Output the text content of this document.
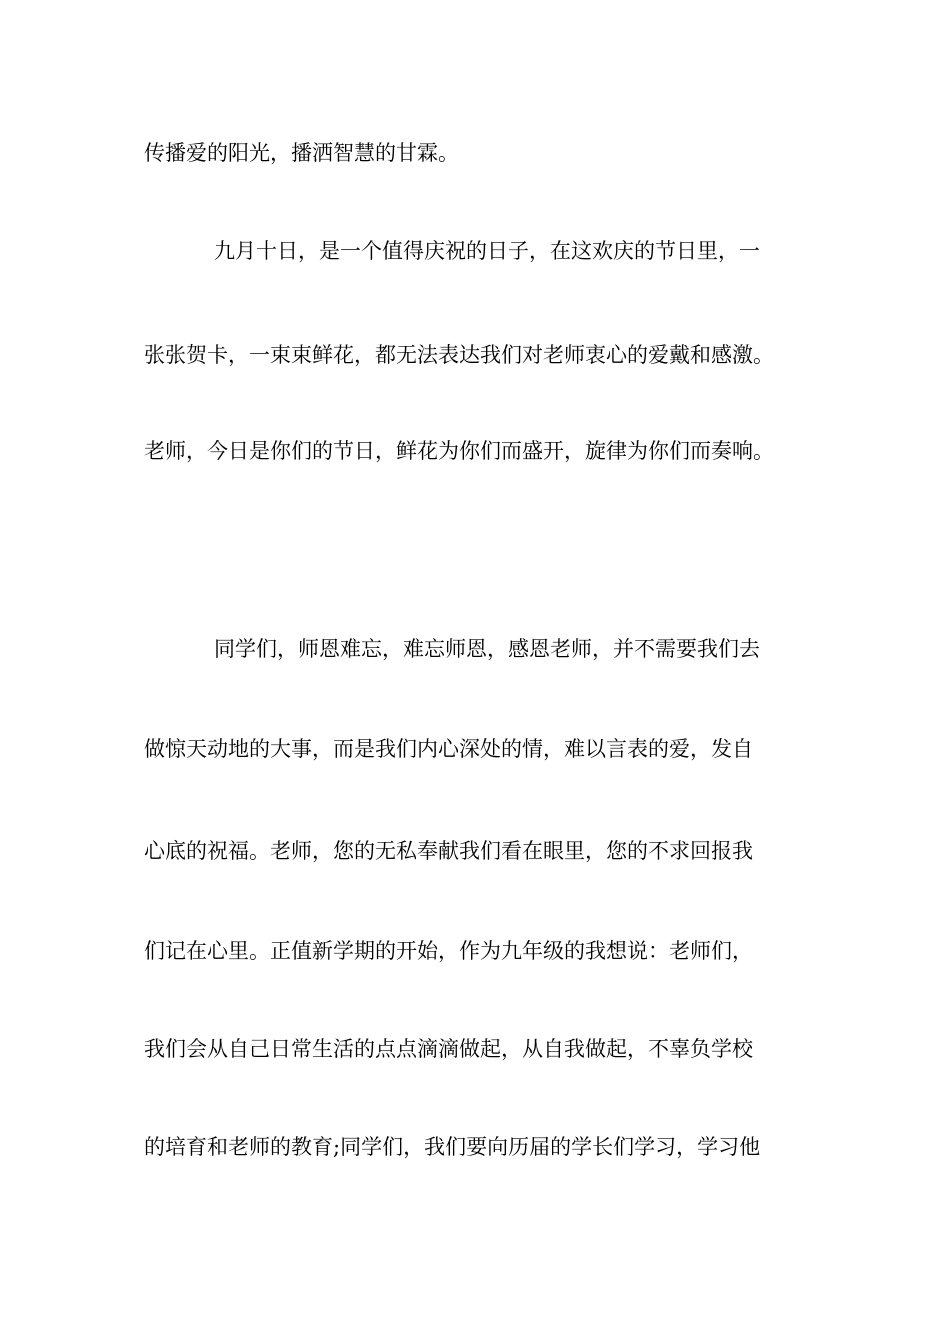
传播爱的阳光，播洒智慧的甘霖。

九月十日，是一个值得庆祝的日子，在这欢庆的节日里，一

张张贺卡，一束束鲜花，都无法表达我们对老师衷心的爱戴和感激。

老师，今日是你们的节日，鲜花为你们而盛开，旋律为你们而奏响。

同学们，师恩难忘，难忘师恩，感恩老师，并不需要我们去

做惊天动地的大事，而是我们内心深处的情，难以言表的爱，发自

心底的祝福。老师，您的无私奉献我们看在眼里，您的不求回报我

们记在心里。正值新学期的开始，作为九年级的我想说：老师们，

我们会从自己日常生活的点点滴滴做起，从自我做起，不辜负学校

的培育和老师的教育;同学们，我们要向历届的学长们学习，学习他
